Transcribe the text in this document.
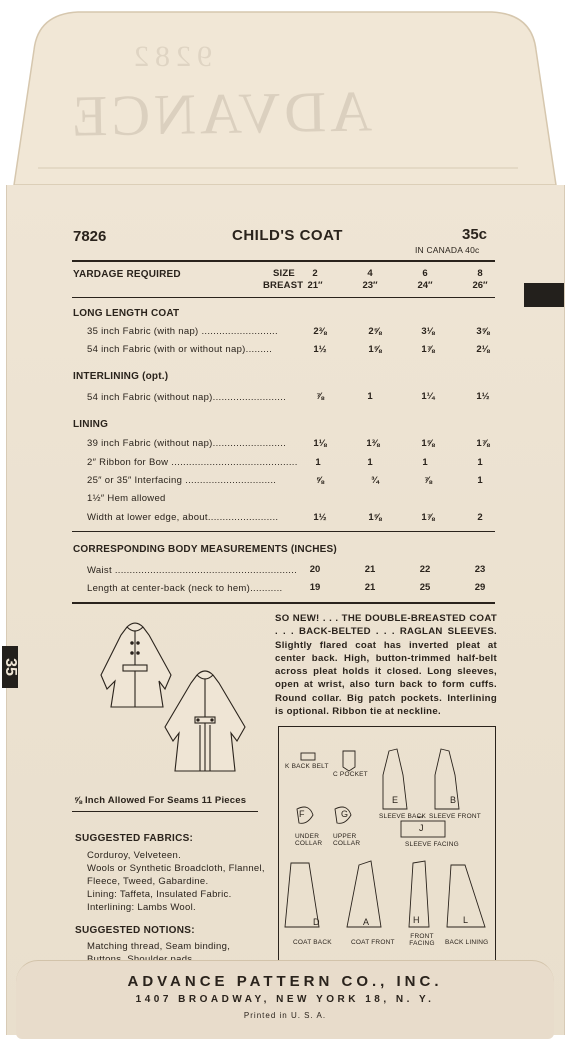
9282
ADVANCE
35
7826	CHILD'S COAT	35c
IN CANADA 40c
YARDAGE REQUIRED	SIZE
BREAST
2	4	6	8
21″	23″	24″	26″
LONG LENGTH COAT
35 inch Fabric (with nap) ..........................	2⅜	2⅝	3⅛	3⅝
54 inch Fabric (with or without nap).........	1½	1⅝	1⅞	2⅛
INTERLINING (opt.)
54 inch Fabric (without nap).........................	⅞	1	1¼	1½
LINING
39 inch Fabric (without nap).........................	1⅛	1⅜	1⅝	1⅞
2″ Ribbon for Bow ...........................................	1	1	1	1
25″ or 35″ Interfacing ...............................	⅝	¾	⅞	1
1½″ Hem allowed
Width at lower edge, about........................	1½	1⅝	1⅞	2
CORRESPONDING BODY MEASUREMENTS (INCHES)
Waist ..............................................................	20	21	22	23
Length at center-back (neck to hem)...........	19	21	25	29
SO NEW! . . . THE DOUBLE-BREASTED COAT . . . BACK-BELTED . . . RAGLAN SLEEVES. Slightly flared coat has inverted pleat at center back. High, button-trimmed half-belt across pleat holds it closed. Long sleeves, open at wrist, also turn back to form cuffs. Round collar. Big patch pockets. Interlining is optional. Ribbon tie at neckline.
⅝ Inch Allowed For Seams 11 Pieces
SUGGESTED FABRICS:
Corduroy, Velveteen.
Wools or Synthetic Broadcloth, Flannel, Fleece, Tweed, Gabardine.
Lining: Taffeta, Insulated Fabric.
Interlining: Lambs Wool.
SUGGESTED NOTIONS:
Matching thread, Seam binding,
K BACK BELT
C POCKET
E	B
SLEEVE BACK SLEEVE FRONT
F	G
UNDER COLLAR
UPPER COLLAR
J
SLEEVE FACING
D	A	H	L
COAT BACK	COAT FRONT
FRONT FACING	BACK LINING
ADVANCE PATTERN CO., INC.
1407 BROADWAY, NEW YORK 18, N. Y.
Printed in U. S. A.
